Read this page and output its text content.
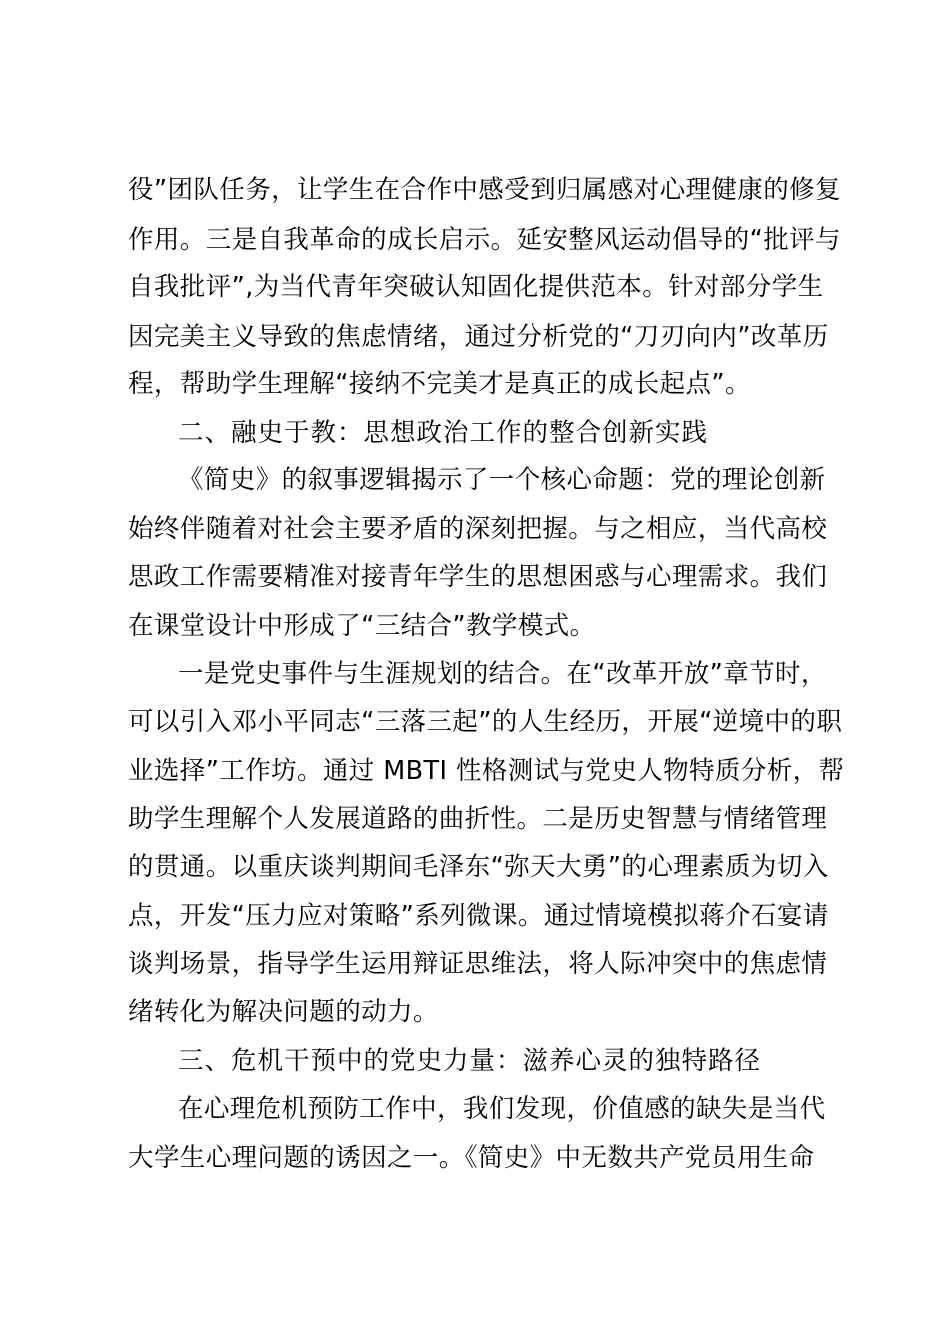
役”团队任务，让学生在合作中感受到归属感对心理健康的修复
作用。三是自我革命的成长启示。延安整风运动倡导的“批评与
自我批评”,为当代青年突破认知固化提供范本。针对部分学生
因完美主义导致的焦虑情绪，通过分析党的“刀刃向内”改革历
程，帮助学生理解“接纳不完美才是真正的成长起点”。
二、融史于教：思想政治工作的整合创新实践
《简史》的叙事逻辑揭示了一个核心命题：党的理论创新
始终伴随着对社会主要矛盾的深刻把握。与之相应，当代高校
思政工作需要精准对接青年学生的思想困惑与心理需求。我们
在课堂设计中形成了“三结合”教学模式。
一是党史事件与生涯规划的结合。在“改革开放”章节时，
可以引入邓小平同志“三落三起”的人生经历，开展“逆境中的职
业选择”工作坊。通过 MBTI 性格测试与党史人物特质分析，帮
助学生理解个人发展道路的曲折性。二是历史智慧与情绪管理
的贯通。以重庆谈判期间毛泽东“弥天大勇”的心理素质为切入
点，开发“压力应对策略”系列微课。通过情境模拟蒋介石宴请
谈判场景，指导学生运用辩证思维法，将人际冲突中的焦虑情
绪转化为解决问题的动力。
三、危机干预中的党史力量：滋养心灵的独特路径
在心理危机预防工作中，我们发现，价值感的缺失是当代
大学生心理问题的诱因之一。《简史》中无数共产党员用生命
